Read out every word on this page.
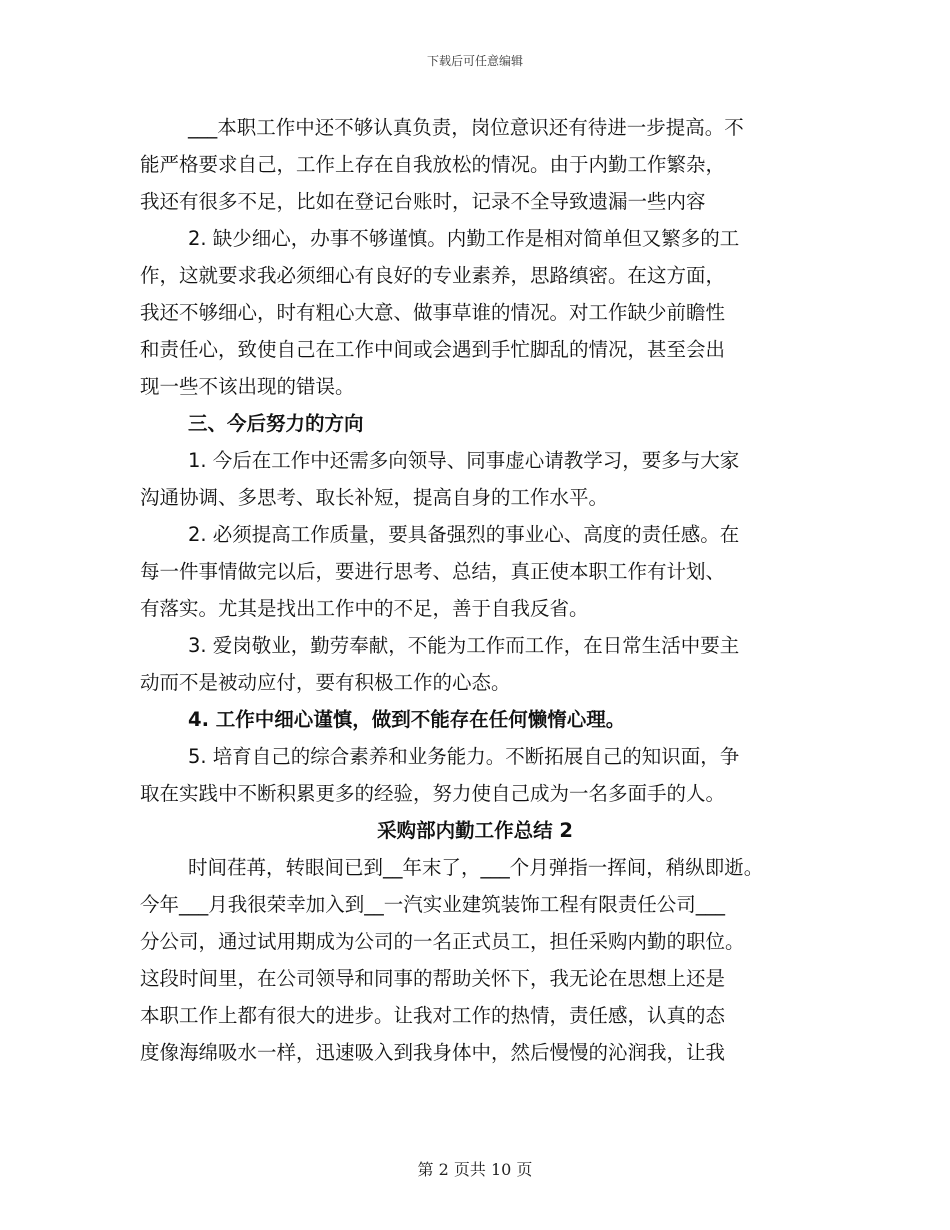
下载后可任意编辑
___本职工作中还不够认真负责，岗位意识还有待进一步提高。不
能严格要求自己，工作上存在自我放松的情况。由于内勤工作繁杂，
我还有很多不足，比如在登记台账时，记录不全导致遗漏一些内容
2. 缺少细心，办事不够谨慎。内勤工作是相对简单但又繁多的工
作，这就要求我必须细心有良好的专业素养，思路缜密。在这方面，
我还不够细心，时有粗心大意、做事草谁的情况。对工作缺少前瞻性
和责任心，致使自己在工作中间或会遇到手忙脚乱的情况，甚至会出
现一些不该出现的错误。
三、今后努力的方向
1. 今后在工作中还需多向领导、同事虚心请教学习，要多与大家
沟通协调、多思考、取长补短，提高自身的工作水平。
2. 必须提高工作质量，要具备强烈的事业心、高度的责任感。在
每一件事情做完以后，要进行思考、总结，真正使本职工作有计划、
有落实。尤其是找出工作中的不足，善于自我反省。
3. 爱岗敬业，勤劳奉献，不能为工作而工作，在日常生活中要主
动而不是被动应付，要有积极工作的心态。
4. 工作中细心谨慎，做到不能存在任何懒惰心理。
5. 培育自己的综合素养和业务能力。不断拓展自己的知识面，争
取在实践中不断积累更多的经验，努力使自己成为一名多面手的人。
采购部内勤工作总结 2
时间荏苒，转眼间已到__年末了，___个月弹指一挥间，稍纵即逝。
今年___月我很荣幸加入到__一汽实业建筑装饰工程有限责任公司___
分公司，通过试用期成为公司的一名正式员工，担任采购内勤的职位。
这段时间里，在公司领导和同事的帮助关怀下，我无论在思想上还是
本职工作上都有很大的进步。让我对工作的热情，责任感，认真的态
度像海绵吸水一样，迅速吸入到我身体中，然后慢慢的沁润我，让我
第 2 页共 10 页
